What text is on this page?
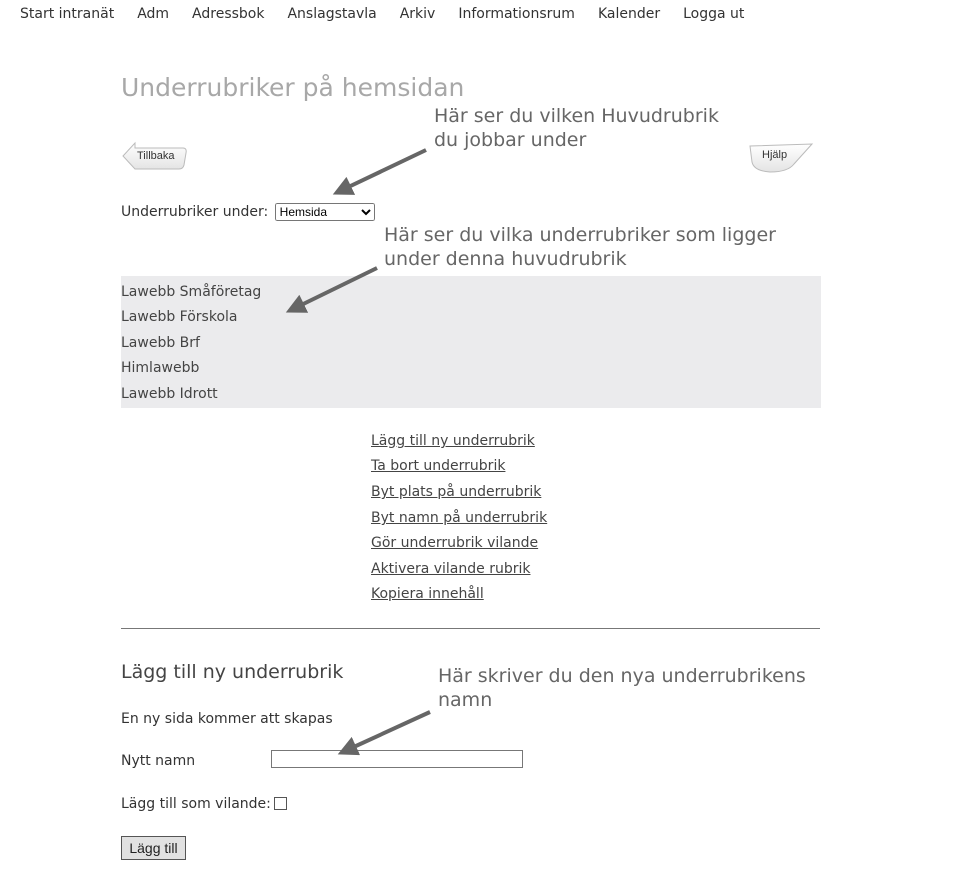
Start intranät Adm Adressbok Anslagstavla Arkiv Informationsrum Kalender Logga ut
Underrubriker på hemsidan
Tillbaka	Hjälp
Underrubriker under:
Hemsida
Lawebb Småföretag
Lawebb Förskola
Lawebb Brf
Himlawebb
Lawebb Idrott
Lägg till ny underrubrik
Ta bort underrubrik
Byt plats på underrubrik
Byt namn på underrubrik
Gör underrubrik vilande
Aktivera vilande rubrik
Kopiera innehåll
Lägg till ny underrubrik
En ny sida kommer att skapas
Nytt namn
Lägg till som vilande:
Lägg till
Här ser du vilken Huvudrubrik
du jobbar under
Här ser du vilka underrubriker som ligger
under denna huvudrubrik
Här skriver du den nya underrubrikens
namn
